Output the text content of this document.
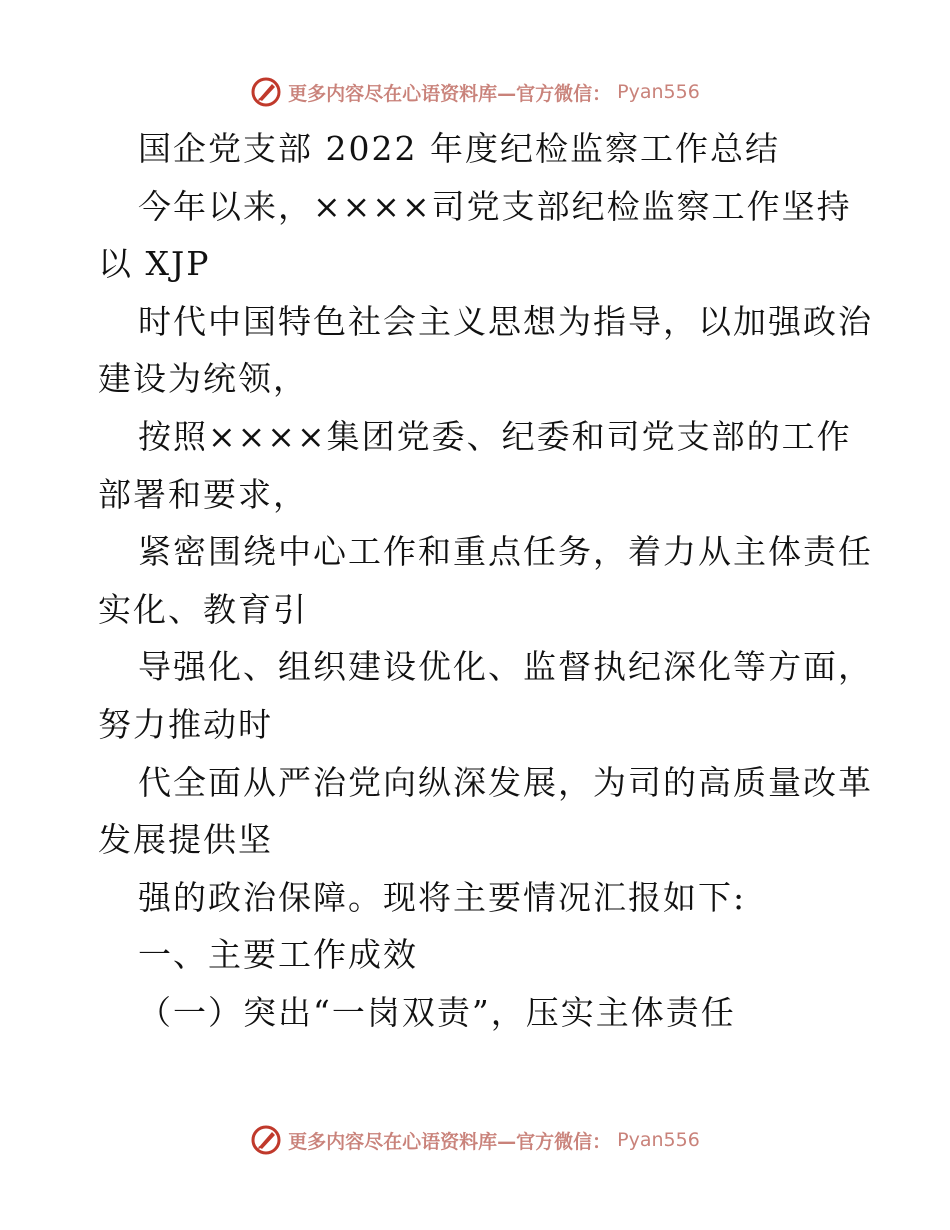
更多内容尽在心语资料库—官方微信： Pyan556
国企党支部 2022 年度纪检监察工作总结
今年以来，××××司党支部纪检监察工作坚持
以 XJP
时代中国特色社会主义思想为指导，以加强政治
建设为统领，
按照××××集团党委、纪委和司党支部的工作
部署和要求，
紧密围绕中心工作和重点任务，着力从主体责任
实化、教育引
导强化、组织建设优化、监督执纪深化等方面，
努力推动时
代全面从严治党向纵深发展，为司的高质量改革
发展提供坚
强的政治保障。现将主要情况汇报如下:
一、主要工作成效
（一）突出“一岗双责”，压实主体责任
更多内容尽在心语资料库—官方微信： Pyan556
